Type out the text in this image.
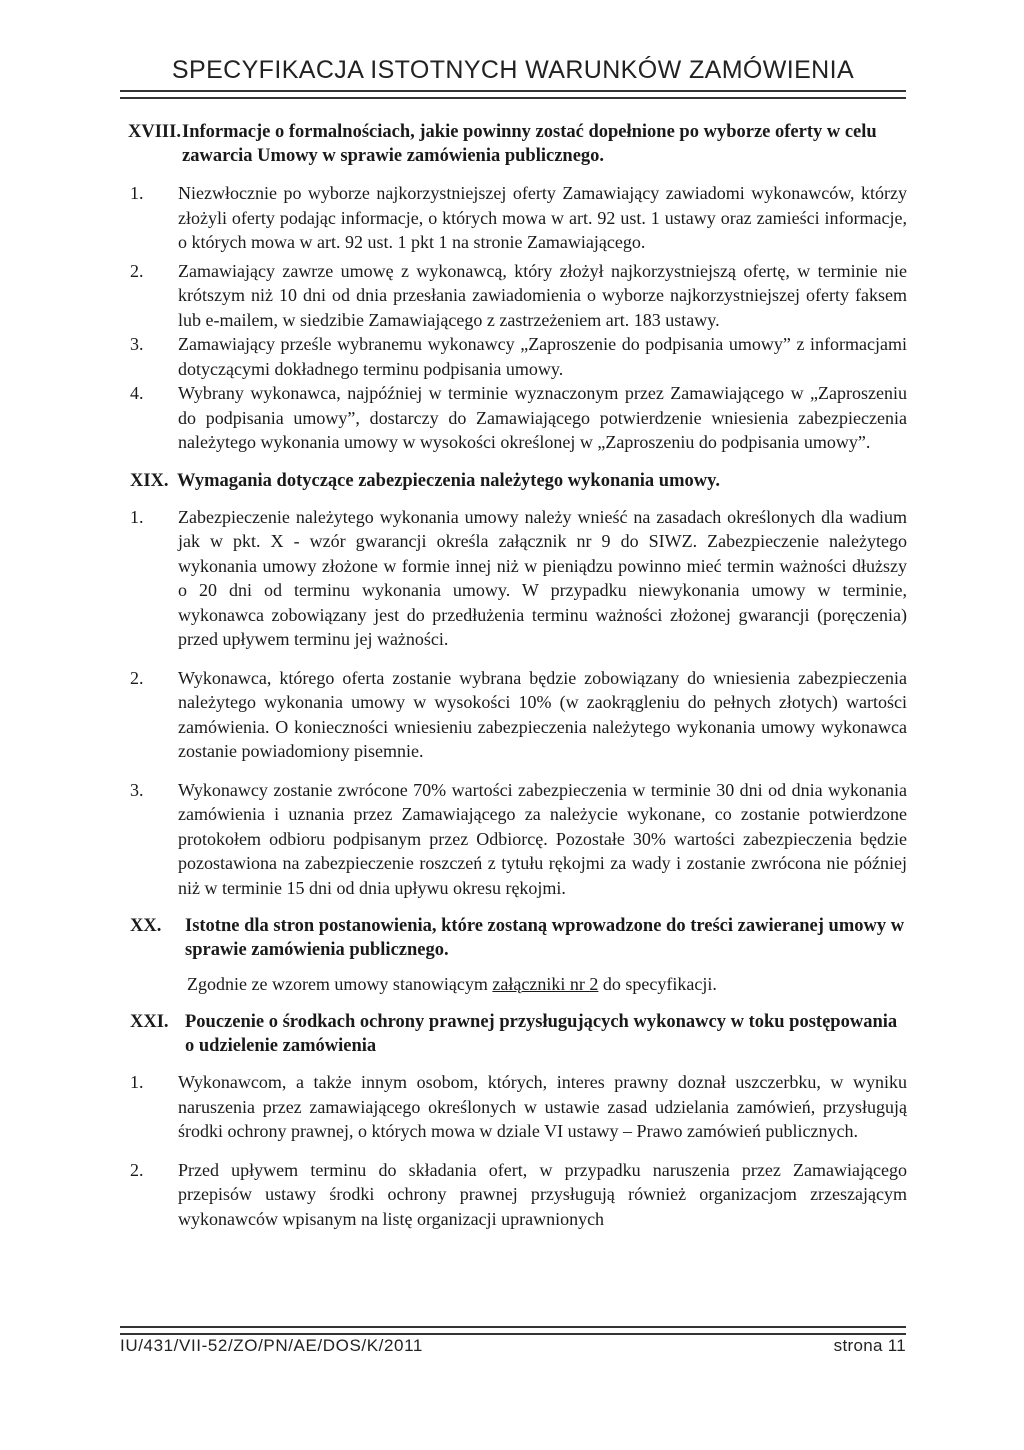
SPECYFIKACJA ISTOTNYCH WARUNKÓW ZAMÓWIENIA
XVIII. Informacje o formalnościach, jakie powinny zostać dopełnione po wyborze oferty w celu zawarcia Umowy w sprawie zamówienia publicznego.
1. Niezwłocznie po wyborze najkorzystniejszej oferty Zamawiający zawiadomi wykonawców, którzy złożyli oferty podając informacje, o których mowa w art. 92 ust. 1 ustawy oraz zamieści informacje, o których mowa w art. 92 ust. 1 pkt 1 na stronie Zamawiającego.
2. Zamawiający zawrze umowę z wykonawcą, który złożył najkorzystniejszą ofertę, w terminie nie krótszym niż 10 dni od dnia przesłania zawiadomienia o wyborze najkorzystniejszej oferty faksem lub e-mailem, w siedzibie Zamawiającego z zastrzeżeniem art. 183 ustawy.
3. Zamawiający prześle wybranemu wykonawcy „Zaproszenie do podpisania umowy” z informacjami dotyczącymi dokładnego terminu podpisania umowy.
4. Wybrany wykonawca, najpóźniej w terminie wyznaczonym przez Zamawiającego w „Zaproszeniu do podpisania umowy”, dostarczy do Zamawiającego potwierdzenie wniesienia zabezpieczenia należytego wykonania umowy w wysokości określonej w „Zaproszeniu do podpisania umowy”.
XIX. Wymagania dotyczące zabezpieczenia należytego wykonania umowy.
1. Zabezpieczenie należytego wykonania umowy należy wnieść na zasadach określonych dla wadium jak w pkt. X - wzór gwarancji określa załącznik nr 9 do SIWZ. Zabezpieczenie należytego wykonania umowy złożone w formie innej niż w pieniądzu powinno mieć termin ważności dłuższy o 20 dni od terminu wykonania umowy. W przypadku niewykonania umowy w terminie, wykonawca zobowiązany jest do przedłużenia terminu ważności złożonej gwarancji (poręczenia) przed upływem terminu jej ważności.
2. Wykonawca, którego oferta zostanie wybrana będzie zobowiązany do wniesienia zabezpieczenia należytego wykonania umowy w wysokości 10% (w zaokrągleniu do pełnych złotych) wartości zamówienia. O konieczności wniesieniu zabezpieczenia należytego wykonania umowy wykonawca zostanie powiadomiony pisemnie.
3. Wykonawcy zostanie zwrócone 70% wartości zabezpieczenia w terminie 30 dni od dnia wykonania zamówienia i uznania przez Zamawiającego za należycie wykonane, co zostanie potwierdzone protokołem odbioru podpisanym przez Odbiorcę. Pozostałe 30% wartości zabezpieczenia będzie pozostawiona na zabezpieczenie roszczeń z tytułu rękojmi za wady i zostanie zwrócona nie później niż w terminie 15 dni od dnia upływu okresu rękojmi.
XX. Istotne dla stron postanowienia, które zostaną wprowadzone do treści zawieranej umowy w sprawie zamówienia publicznego.

Zgodnie ze wzorem umowy stanowiącym załączniki nr 2 do specyfikacji.

XXI. Pouczenie o środkach ochrony prawnej przysługujących wykonawcy w toku postępowania o udzielenie zamówienia
1. Wykonawcom, a także innym osobom, których, interes prawny doznał uszczerbku, w wyniku naruszenia przez zamawiającego określonych w ustawie zasad udzielania zamówień, przysługują środki ochrony prawnej, o których mowa w dziale VI ustawy – Prawo zamówień publicznych.
2. Przed upływem terminu do składania ofert, w przypadku naruszenia przez Zamawiającego przepisów ustawy środki ochrony prawnej przysługują również organizacjom zrzeszającym wykonawców wpisanym na listę organizacji uprawnionych
IU/431/VII-52/ZO/PN/AE/DOS/K/2011	strona 11
